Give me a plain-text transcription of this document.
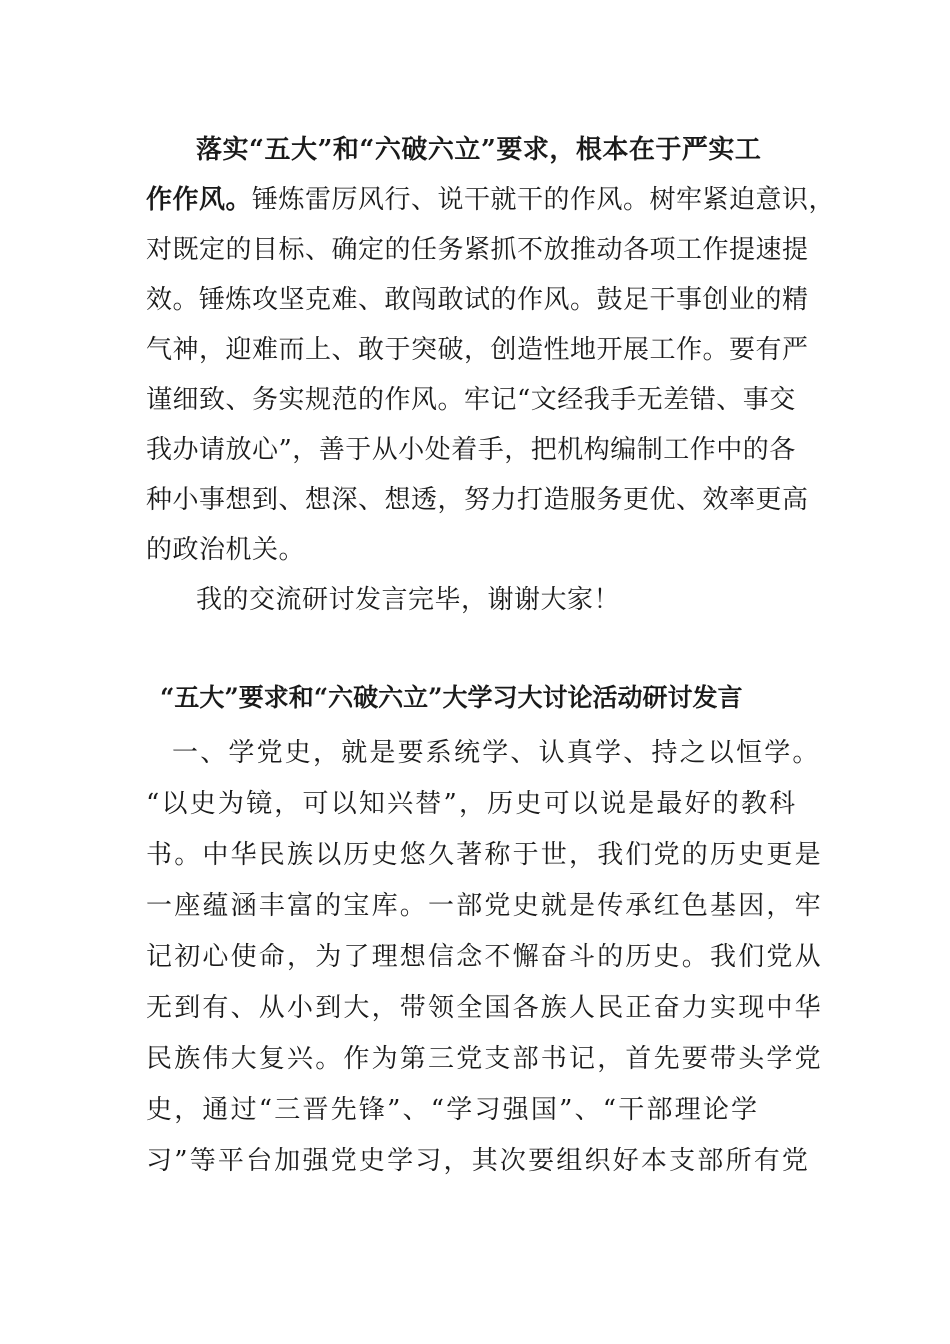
落实“五大”和“六破六立”要求，根本在于严实工
作作风。锤炼雷厉风行、说干就干的作风。树牢紧迫意识，
对既定的目标、确定的任务紧抓不放推动各项工作提速提
效。锤炼攻坚克难、敢闯敢试的作风。鼓足干事创业的精
气神，迎难而上、敢于突破，创造性地开展工作。要有严
谨细致、务实规范的作风。牢记“文经我手无差错、事交
我办请放心”，善于从小处着手，把机构编制工作中的各
种小事想到、想深、想透，努力打造服务更优、效率更高
的政治机关。
我的交流研讨发言完毕，谢谢大家！
“五大”要求和“六破六立”大学习大讨论活动研讨发言
一、学党史，就是要系统学、认真学、持之以恒学。
“以史为镜，可以知兴替”，历史可以说是最好的教科
书。中华民族以历史悠久著称于世，我们党的历史更是
一座蕴涵丰富的宝库。一部党史就是传承红色基因，牢
记初心使命，为了理想信念不懈奋斗的历史。我们党从
无到有、从小到大，带领全国各族人民正奋力实现中华
民族伟大复兴。作为第三党支部书记，首先要带头学党
史，通过“三晋先锋”、“学习强国”、“干部理论学
习”等平台加强党史学习，其次要组织好本支部所有党
